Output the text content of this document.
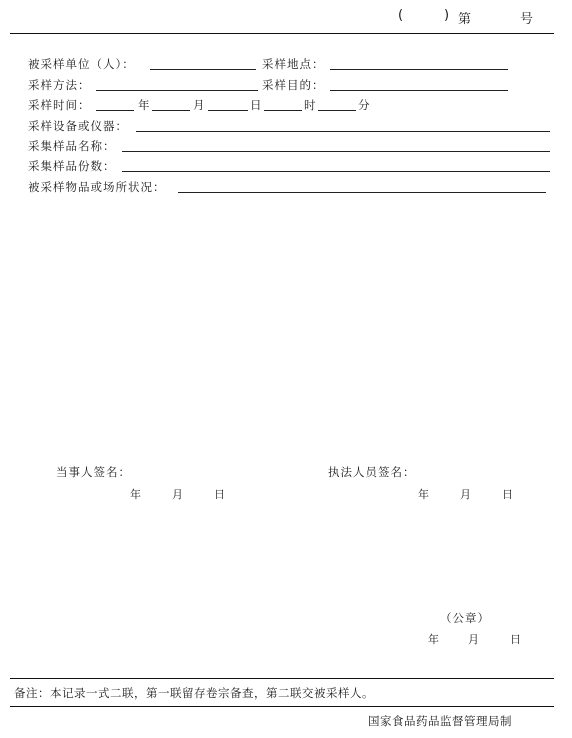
(	) 第	号
被采样单位（人）：	采样地点：
采样方法：	采样目的：
采样时间：	年	月	日	时	分
采样设备或仪器：
采集样品名称：
采集样品份数：
被采样物品或场所状况：
当事人签名：	执法人员签名：
年	月	日	年	月	日
（公章）
年	月	日
备注：本记录一式二联，第一联留存卷宗备查，第二联交被采样人。
国家食品药品监督管理局制
